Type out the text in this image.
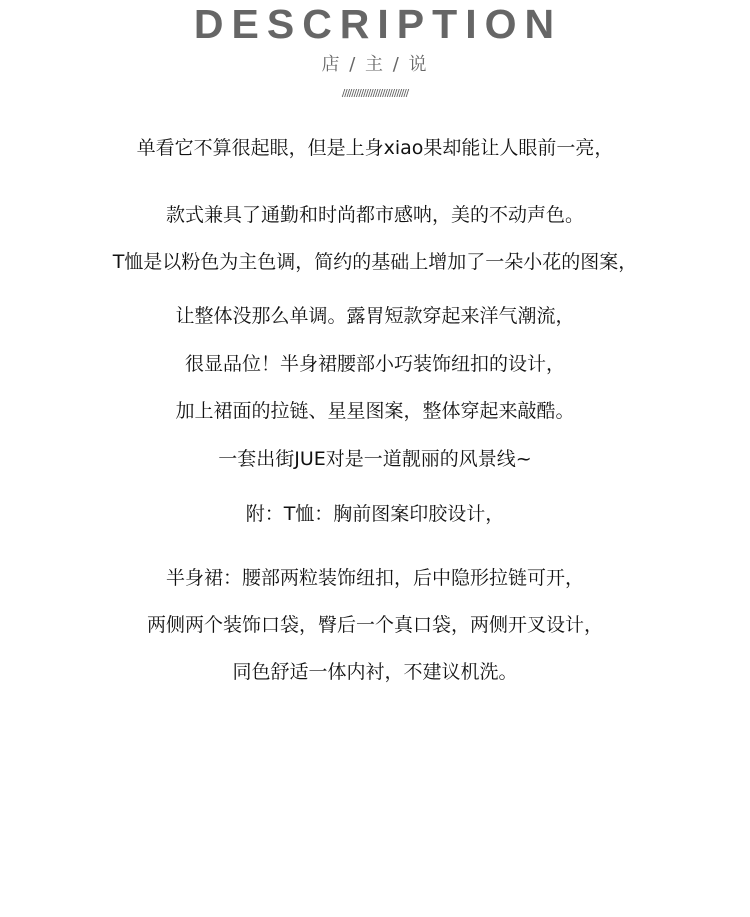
DESCRIPTION
店 / 主 / 说
////////////////////////////
单看它不算很起眼，但是上身xiao果却能让人眼前一亮，
款式兼具了通勤和时尚都市感呐，美的不动声色。
T恤是以粉色为主色调，简约的基础上增加了一朵小花的图案，
让整体没那么单调。露胃短款穿起来洋气潮流，
很显品位！半身裙腰部小巧装饰纽扣的设计，
加上裙面的拉链、星星图案，整体穿起来敲酷。
一套出街JUE对是一道靓丽的风景线~
附：T恤：胸前图案印胶设计，
半身裙：腰部两粒装饰纽扣，后中隐形拉链可开，
两侧两个装饰口袋，臀后一个真口袋，两侧开叉设计，
同色舒适一体内衬，不建议机洗。
